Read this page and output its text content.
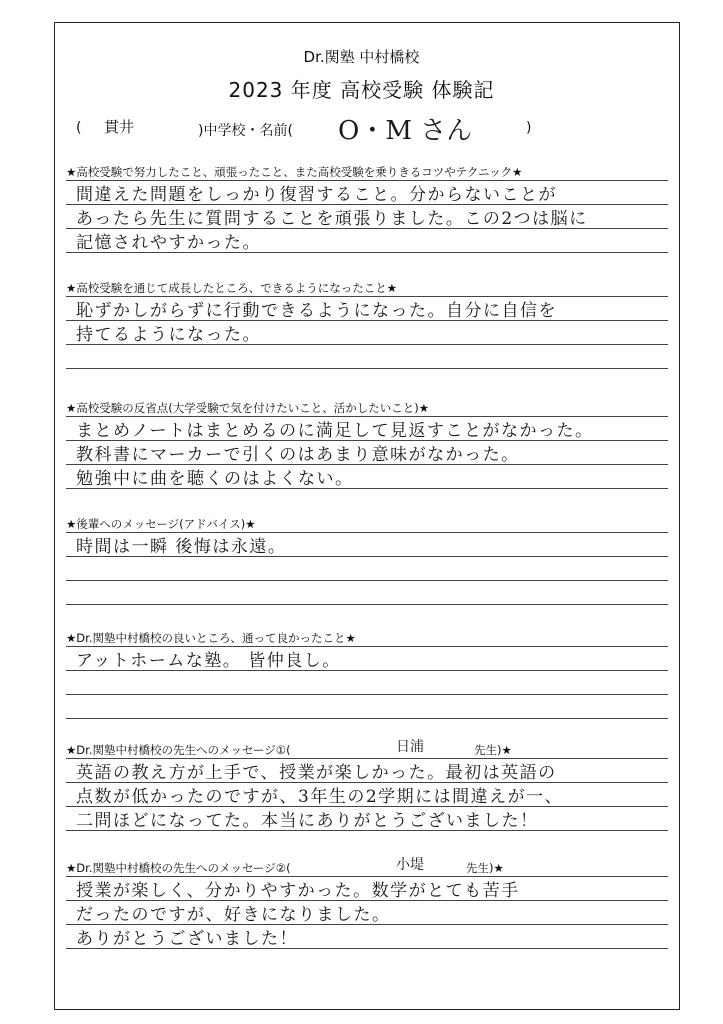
Dr.関塾 中村橋校
2023 年度 高校受験 体験記
( 貫井	)中学校・名前( O・M さん	)
★高校受験で努力したこと、頑張ったこと、また高校受験を乗りきるコツやテクニック★
間違えた問題をしっかり復習すること。分からないことが
あったら先生に質問することを頑張りました。この2つは脳に
記憶されやすかった。
★高校受験を通じて成長したところ、できるようになったこと★
恥ずかしがらずに行動できるようになった。自分に自信を
持てるようになった。
★高校受験の反省点(大学受験で気を付けたいこと、活かしたいこと)★
まとめノートはまとめるのに満足して見返すことがなかった。
教科書にマーカーで引くのはあまり意味がなかった。
勉強中に曲を聴くのはよくない。
★後輩へのメッセージ(アドバイス)★
時間は一瞬 後悔は永遠。
★Dr.関塾中村橋校の良いところ、通って良かったこと★
アットホームな塾。 皆仲良し。
★Dr.関塾中村橋校の先生へのメッセージ①(	日浦	先生)★
英語の教え方が上手で、授業が楽しかった。最初は英語の
点数が低かったのですが、3年生の2学期には間違えが一、
二問ほどになってた。本当にありがとうございました！
★Dr.関塾中村橋校の先生へのメッセージ②(	小堤	先生)★
授業が楽しく、分かりやすかった。数学がとても苦手
だったのですが、好きになりました。
ありがとうございました！
